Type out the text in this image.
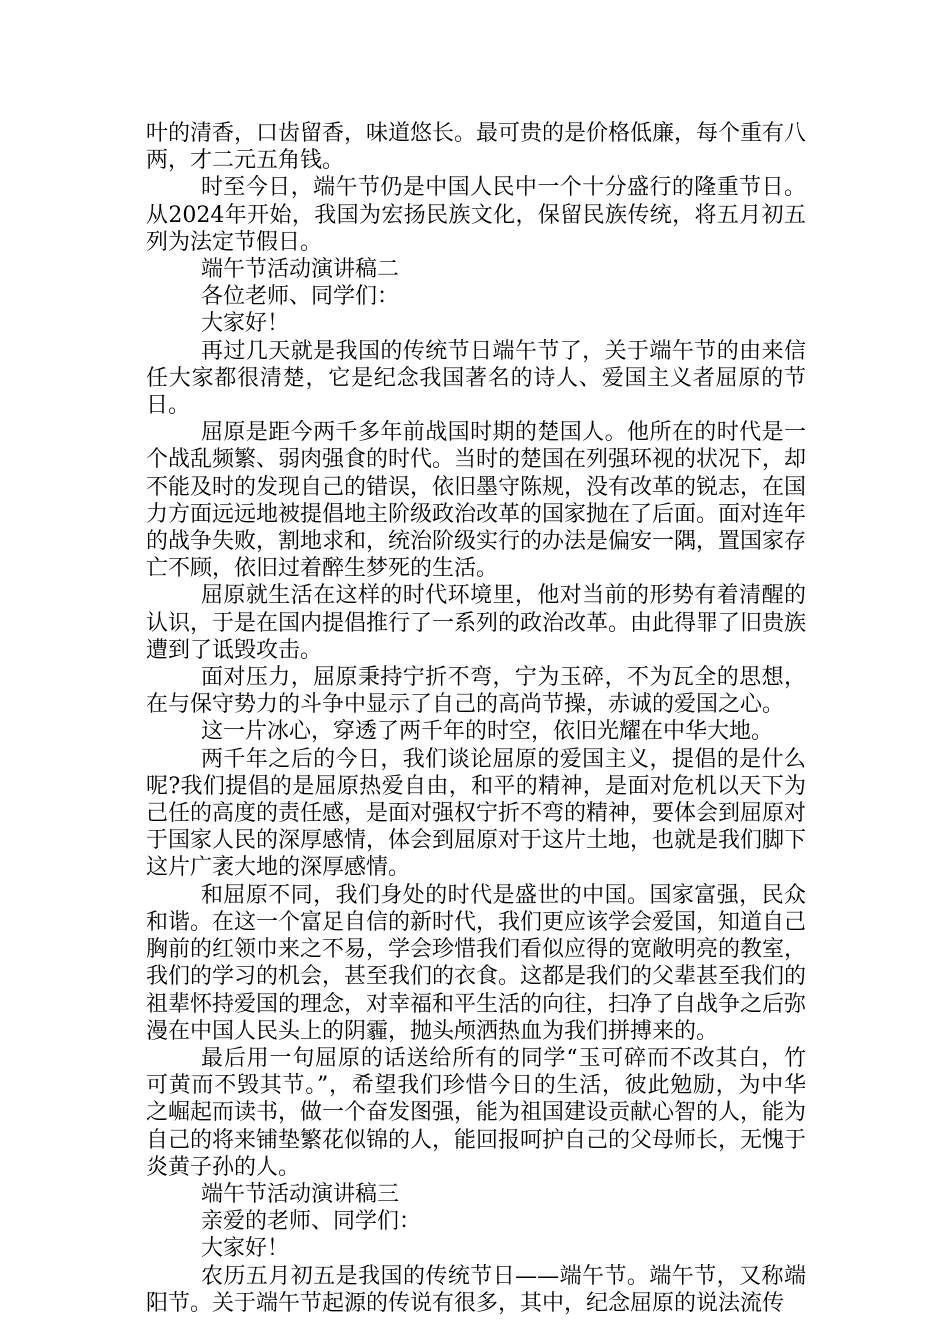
叶的清香，口齿留香，味道悠长。最可贵的是价格低廉，每个重有八两，才二元五角钱。

时至今日，端午节仍是中国人民中一个十分盛行的隆重节日。从2024年开始，我国为宏扬民族文化，保留民族传统，将五月初五列为法定节假日。

端午节活动演讲稿二

各位老师、同学们：

大家好！

再过几天就是我国的传统节日端午节了，关于端午节的由来信任大家都很清楚，它是纪念我国著名的诗人、爱国主义者屈原的节日。

屈原是距今两千多年前战国时期的楚国人。他所在的时代是一个战乱频繁、弱肉强食的时代。当时的楚国在列强环视的状况下，却不能及时的发现自己的错误，依旧墨守陈规，没有改革的锐志，在国力方面远远地被提倡地主阶级政治改革的国家抛在了后面。面对连年的战争失败，割地求和，统治阶级实行的办法是偏安一隅，置国家存亡不顾，依旧过着醉生梦死的生活。

屈原就生活在这样的时代环境里，他对当前的形势有着清醒的认识，于是在国内提倡推行了一系列的政治改革。由此得罪了旧贵族遭到了诋毁攻击。

面对压力，屈原秉持宁折不弯，宁为玉碎，不为瓦全的思想，在与保守势力的斗争中显示了自己的高尚节操，赤诚的爱国之心。

这一片冰心，穿透了两千年的时空，依旧光耀在中华大地。

两千年之后的今日，我们谈论屈原的爱国主义，提倡的是什么呢?我们提倡的是屈原热爱自由，和平的精神，是面对危机以天下为己任的高度的责任感，是面对强权宁折不弯的精神，要体会到屈原对于国家人民的深厚感情，体会到屈原对于这片土地，也就是我们脚下这片广袤大地的深厚感情。

和屈原不同，我们身处的时代是盛世的中国。国家富强，民众和谐。在这一个富足自信的新时代，我们更应该学会爱国，知道自己胸前的红领巾来之不易，学会珍惜我们看似应得的宽敞明亮的教室，我们的学习的机会，甚至我们的衣食。这都是我们的父辈甚至我们的祖辈怀持爱国的理念，对幸福和平生活的向往，扫净了自战争之后弥漫在中国人民头上的阴霾，抛头颅洒热血为我们拼搏来的。

最后用一句屈原的话送给所有的同学“玉可碎而不改其白，竹可黄而不毁其节。”，希望我们珍惜今日的生活，彼此勉励，为中华之崛起而读书，做一个奋发图强，能为祖国建设贡献心智的人，能为自己的将来铺垫繁花似锦的人，能回报呵护自己的父母师长，无愧于炎黄子孙的人。

端午节活动演讲稿三

亲爱的老师、同学们：

大家好！

农历五月初五是我国的传统节日——端午节。端午节，又称端阳节。关于端午节起源的传说有很多，其中，纪念屈原的说法流传
